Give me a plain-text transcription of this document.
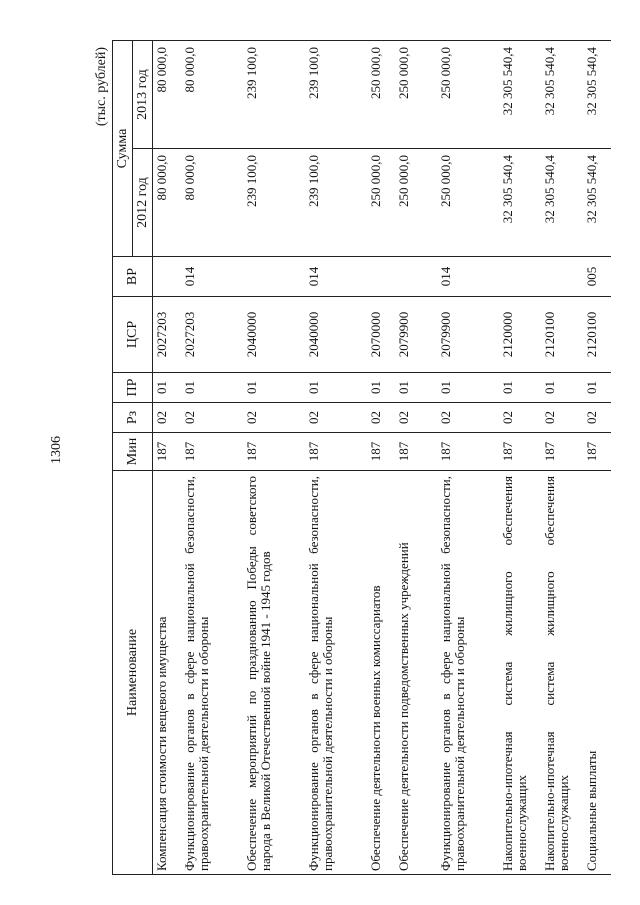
1306
(тыс. рублей)
Наименование	Мин	Рз	ПР	ЦСР	ВР	Сумма	
						2012 год	2013 год
Компенсация стоимости вещевого имущества	187	02	01	2027203		80 000,0	80 000,0
Функционирование органов в сфере национальной безопасности, правоохранительной деятельности и обороны	187	02	01	2027203	014	80 000,0	80 000,0
Обеспечение мероприятий по празднованию Победы советского народа в Великой Отечественной войне 1941 - 1945 годов	187	02	01	2040000		239 100,0	239 100,0
Функционирование органов в сфере национальной безопасности, правоохранительной деятельности и обороны	187	02	01	2040000	014	239 100,0	239 100,0
Обеспечение деятельности военных комиссариатов	187	02	01	2070000		250 000,0	250 000,0
Обеспечение деятельности подведомственных учреждений	187	02	01	2079900		250 000,0	250 000,0
Функционирование органов в сфере национальной безопасности, правоохранительной деятельности и обороны	187	02	01	2079900	014	250 000,0	250 000,0
Накопительно-ипотечная система жилищного обеспечения военнослужащих	187	02	01	2120000		32 305 540,4	32 305 540,4
Накопительно-ипотечная система жилищного обеспечения военнослужащих	187	02	01	2120100		32 305 540,4	32 305 540,4
Социальные выплаты	187	02	01	2120100	005	32 305 540,4	32 305 540,4
